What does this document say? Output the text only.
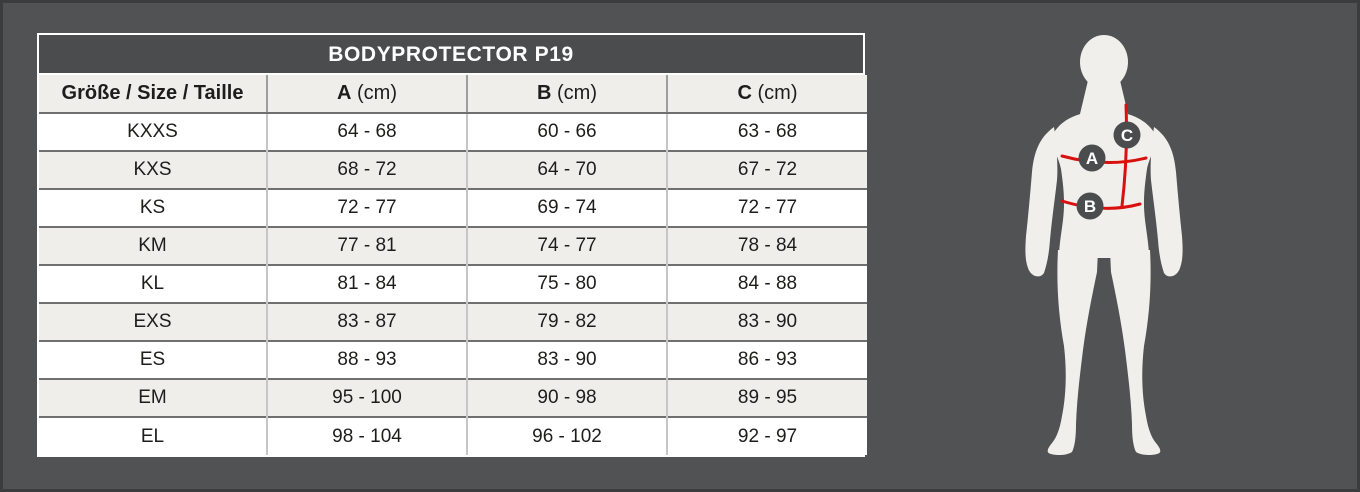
BODYPROTECTOR P19
Größe / Size / Taille	A (cm)	B (cm)	C (cm)
KXXS	64 - 68	60 - 66	63 - 68
KXS	68 - 72	64 - 70	67 - 72
KS	72 - 77	69 - 74	72 - 77
KM	77 - 81	74 - 77	78 - 84
KL	81 - 84	75 - 80	84 - 88
EXS	83 - 87	79 - 82	83 - 90
ES	88 - 93	83 - 90	86 - 93
EM	95 - 100	90 - 98	89 - 95
EL	98 - 104	96 - 102	92 - 97
C
A
B
